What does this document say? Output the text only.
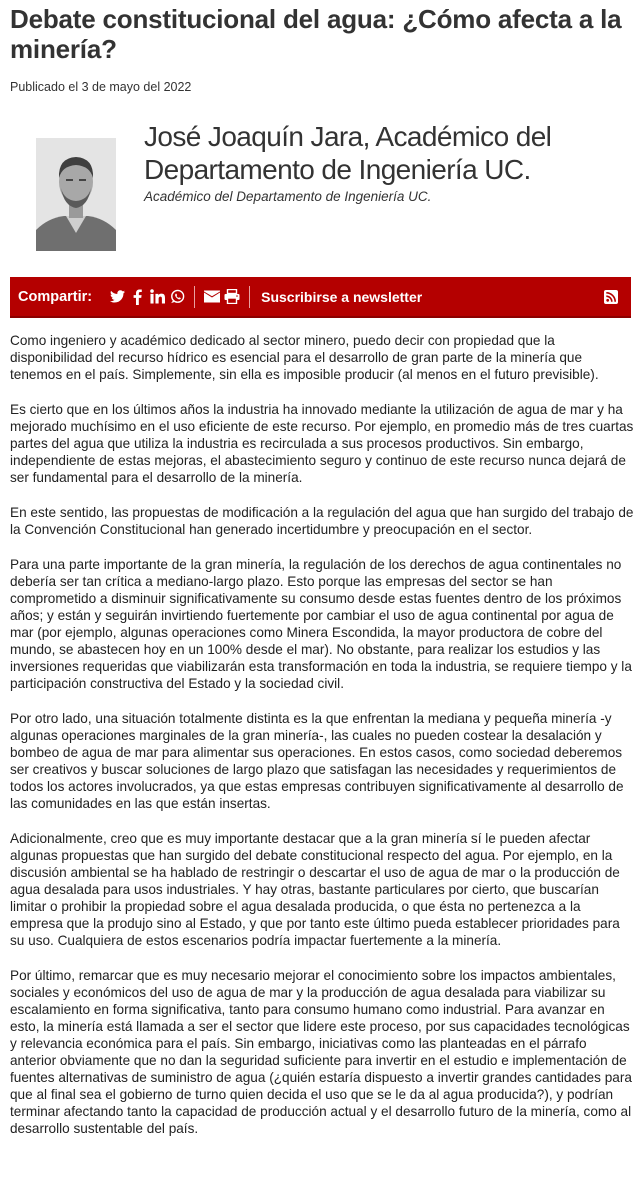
Debate constitucional del agua: ¿Cómo afecta a la minería?
Publicado el 3 de mayo del 2022
José Joaquín Jara, Académico del Departamento de Ingeniería UC.
Académico del Departamento de Ingeniería UC.
Compartir:	Suscribirse a newsletter

Como ingeniero y académico dedicado al sector minero, puedo decir con propiedad que la disponibilidad del recurso hídrico es esencial para el desarrollo de gran parte de la minería que tenemos en el país. Simplemente, sin ella es imposible producir (al menos en el futuro previsible).

Es cierto que en los últimos años la industria ha innovado mediante la utilización de agua de mar y ha mejorado muchísimo en el uso eficiente de este recurso. Por ejemplo, en promedio más de tres cuartas partes del agua que utiliza la industria es recirculada a sus procesos productivos. Sin embargo, independiente de estas mejoras, el abastecimiento seguro y continuo de este recurso nunca dejará de ser fundamental para el desarrollo de la minería.

En este sentido, las propuestas de modificación a la regulación del agua que han surgido del trabajo de la Convención Constitucional han generado incertidumbre y preocupación en el sector.

Para una parte importante de la gran minería, la regulación de los derechos de agua continentales no debería ser tan crítica a mediano-largo plazo. Esto porque las empresas del sector se han comprometido a disminuir significativamente su consumo desde estas fuentes dentro de los próximos años; y están y seguirán invirtiendo fuertemente por cambiar el uso de agua continental por agua de mar (por ejemplo, algunas operaciones como Minera Escondida, la mayor productora de cobre del mundo, se abastecen hoy en un 100% desde el mar). No obstante, para realizar los estudios y las inversiones requeridas que viabilizarán esta transformación en toda la industria, se requiere tiempo y la participación constructiva del Estado y la sociedad civil.

Por otro lado, una situación totalmente distinta es la que enfrentan la mediana y pequeña minería -y algunas operaciones marginales de la gran minería-, las cuales no pueden costear la desalación y bombeo de agua de mar para alimentar sus operaciones. En estos casos, como sociedad deberemos ser creativos y buscar soluciones de largo plazo que satisfagan las necesidades y requerimientos de todos los actores involucrados, ya que estas empresas contribuyen significativamente al desarrollo de las comunidades en las que están insertas.

Adicionalmente, creo que es muy importante destacar que a la gran minería sí le pueden afectar algunas propuestas que han surgido del debate constitucional respecto del agua. Por ejemplo, en la discusión ambiental se ha hablado de restringir o descartar el uso de agua de mar o la producción de agua desalada para usos industriales. Y hay otras, bastante particulares por cierto, que buscarían limitar o prohibir la propiedad sobre el agua desalada producida, o que ésta no pertenezca a la empresa que la produjo sino al Estado, y que por tanto este último pueda establecer prioridades para su uso. Cualquiera de estos escenarios podría impactar fuertemente a la minería.

Por último, remarcar que es muy necesario mejorar el conocimiento sobre los impactos ambientales, sociales y económicos del uso de agua de mar y la producción de agua desalada para viabilizar su escalamiento en forma significativa, tanto para consumo humano como industrial. Para avanzar en esto, la minería está llamada a ser el sector que lidere este proceso, por sus capacidades tecnológicas y relevancia económica para el país. Sin embargo, iniciativas como las planteadas en el párrafo anterior obviamente que no dan la seguridad suficiente para invertir en el estudio e implementación de fuentes alternativas de suministro de agua (¿quién estaría dispuesto a invertir grandes cantidades para que al final sea el gobierno de turno quien decida el uso que se le da al agua producida?), y podrían terminar afectando tanto la capacidad de producción actual y el desarrollo futuro de la minería, como al desarrollo sustentable del país.
